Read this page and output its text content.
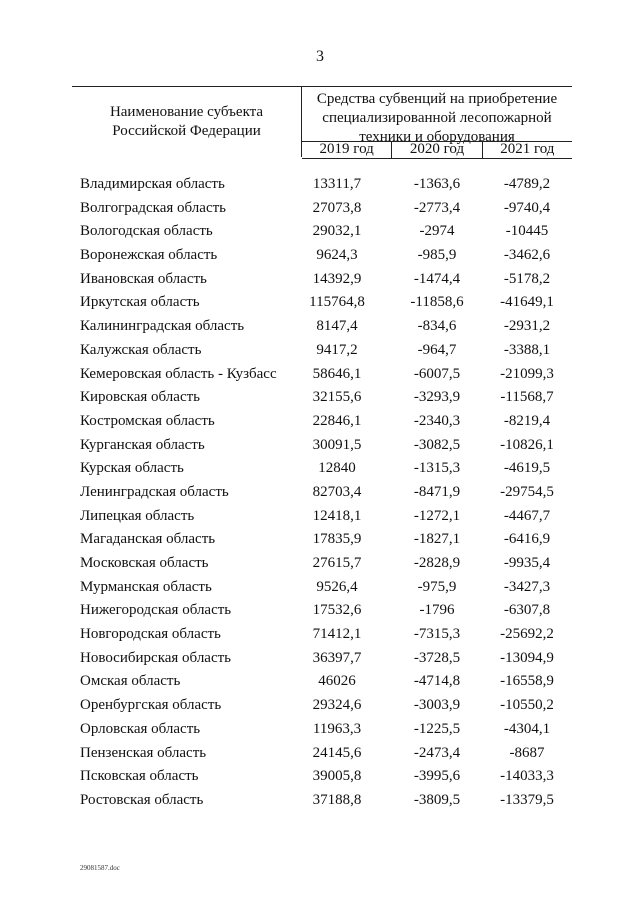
3
Наименование субъекта
Российской Федерации
Средства субвенций на приобретение
специализированной лесопожарной
техники и оборудования
2019 год	2020 год	2021 год
Владимирская область	13311,7	-1363,6	-4789,2
Волгоградская область	27073,8	-2773,4	-9740,4
Вологодская область	29032,1	-2974	-10445
Воронежская область	9624,3	-985,9	-3462,6
Ивановская область	14392,9	-1474,4	-5178,2
Иркутская область	115764,8	-11858,6	-41649,1
Калининградская область	8147,4	-834,6	-2931,2
Калужская область	9417,2	-964,7	-3388,1
Кемеровская область - Кузбасс	58646,1	-6007,5	-21099,3
Кировская область	32155,6	-3293,9	-11568,7
Костромская область	22846,1	-2340,3	-8219,4
Курганская область	30091,5	-3082,5	-10826,1
Курская область	12840	-1315,3	-4619,5
Ленинградская область	82703,4	-8471,9	-29754,5
Липецкая область	12418,1	-1272,1	-4467,7
Магаданская область	17835,9	-1827,1	-6416,9
Московская область	27615,7	-2828,9	-9935,4
Мурманская область	9526,4	-975,9	-3427,3
Нижегородская область	17532,6	-1796	-6307,8
Новгородская область	71412,1	-7315,3	-25692,2
Новосибирская область	36397,7	-3728,5	-13094,9
Омская область	46026	-4714,8	-16558,9
Оренбургская область	29324,6	-3003,9	-10550,2
Орловская область	11963,3	-1225,5	-4304,1
Пензенская область	24145,6	-2473,4	-8687
Псковская область	39005,8	-3995,6	-14033,3
Ростовская область	37188,8	-3809,5	-13379,5
29081587.doc
